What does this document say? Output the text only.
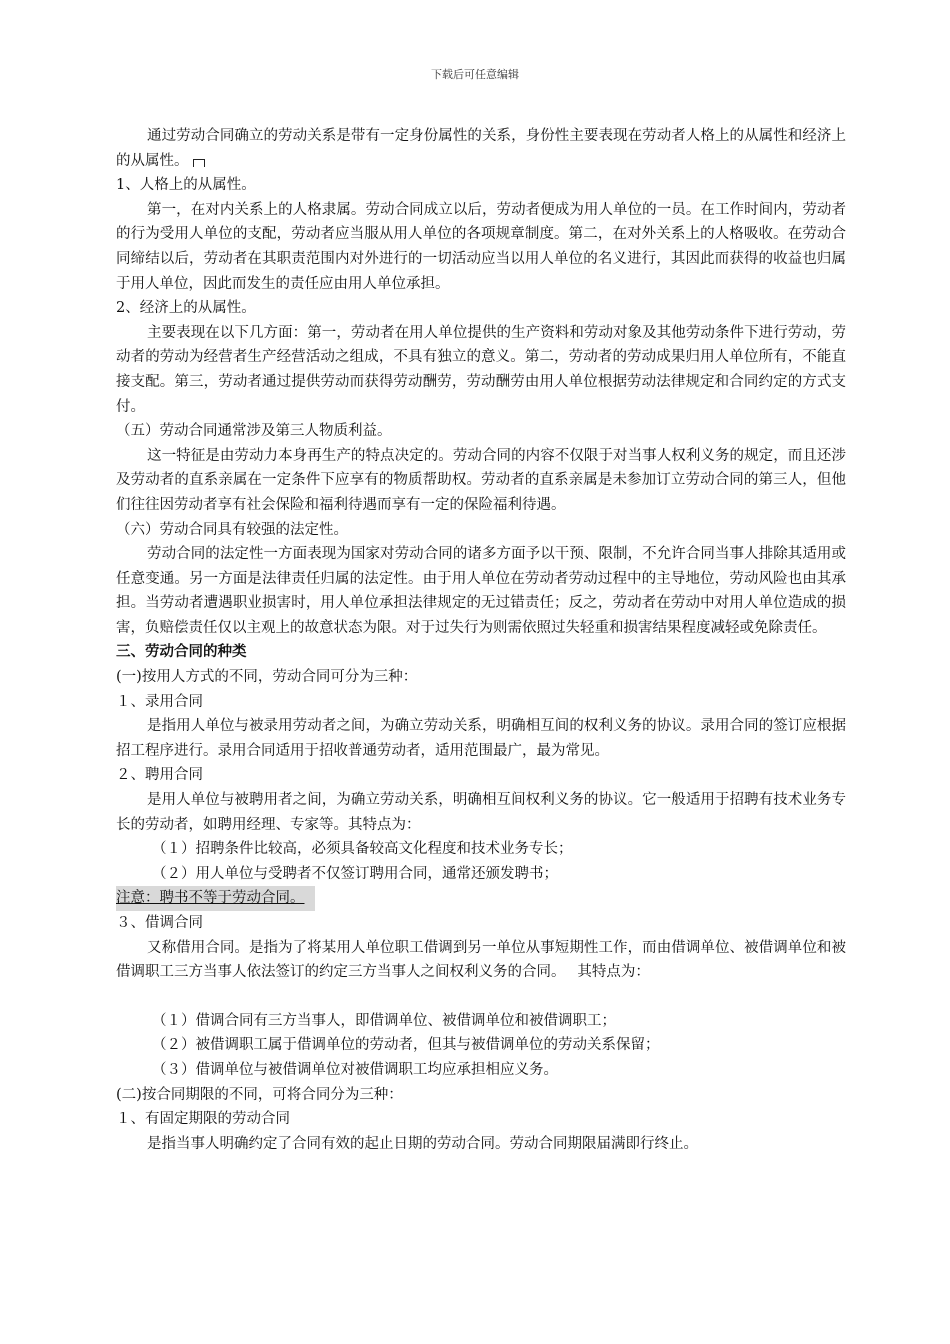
下载后可任意编辑

通过劳动合同确立的劳动关系是带有一定身份属性的关系，身份性主要表现在劳动者人格上的从属性和经济上的从属性。

1、人格上的从属性。

第一，在对内关系上的人格隶属。劳动合同成立以后，劳动者便成为用人单位的一员。在工作时间内，劳动者的行为受用人单位的支配，劳动者应当服从用人单位的各项规章制度。第二，在对外关系上的人格吸收。在劳动合同缔结以后，劳动者在其职责范围内对外进行的一切活动应当以用人单位的名义进行，其因此而获得的收益也归属于用人单位，因此而发生的责任应由用人单位承担。

2、经济上的从属性。

主要表现在以下几方面：第一，劳动者在用人单位提供的生产资料和劳动对象及其他劳动条件下进行劳动，劳动者的劳动为经营者生产经营活动之组成，不具有独立的意义。第二，劳动者的劳动成果归用人单位所有，不能直接支配。第三，劳动者通过提供劳动而获得劳动酬劳，劳动酬劳由用人单位根据劳动法律规定和合同约定的方式支付。

（五）劳动合同通常涉及第三人物质利益。

这一特征是由劳动力本身再生产的特点决定的。劳动合同的内容不仅限于对当事人权利义务的规定，而且还涉及劳动者的直系亲属在一定条件下应享有的物质帮助权。劳动者的直系亲属是未参加订立劳动合同的第三人，但他们往往因劳动者享有社会保险和福利待遇而享有一定的保险福利待遇。

（六）劳动合同具有较强的法定性。

劳动合同的法定性一方面表现为国家对劳动合同的诸多方面予以干预、限制，不允许合同当事人排除其适用或任意变通。另一方面是法律责任归属的法定性。由于用人单位在劳动者劳动过程中的主导地位，劳动风险也由其承担。当劳动者遭遇职业损害时，用人单位承担法律规定的无过错责任；反之，劳动者在劳动中对用人单位造成的损害，负赔偿责任仅以主观上的故意状态为限。对于过失行为则需依照过失轻重和损害结果程度减轻或免除责任。

三、劳动合同的种类

(一)按用人方式的不同，劳动合同可分为三种：

１、录用合同

是指用人单位与被录用劳动者之间，为确立劳动关系，明确相互间的权利义务的协议。录用合同的签订应根据招工程序进行。录用合同适用于招收普通劳动者，适用范围最广，最为常见。

２、聘用合同

是用人单位与被聘用者之间，为确立劳动关系，明确相互间权利义务的协议。它一般适用于招聘有技术业务专长的劳动者，如聘用经理、专家等。其特点为：

（１）招聘条件比较高，必须具备较高文化程度和技术业务专长；

（２）用人单位与受聘者不仅签订聘用合同，通常还颁发聘书；

注意：聘书不等于劳动合同。

３、借调合同

又称借用合同。是指为了将某用人单位职工借调到另一单位从事短期性工作，而由借调单位、被借调单位和被借调职工三方当事人依法签订的约定三方当事人之间权利义务的合同。　 其特点为：

（１）借调合同有三方当事人，即借调单位、被借调单位和被借调职工；

（２）被借调职工属于借调单位的劳动者，但其与被借调单位的劳动关系保留；

（３）借调单位与被借调单位对被借调职工均应承担相应义务。

(二)按合同期限的不同，可将合同分为三种：

１、有固定期限的劳动合同

是指当事人明确约定了合同有效的起止日期的劳动合同。劳动合同期限届满即行终止。
